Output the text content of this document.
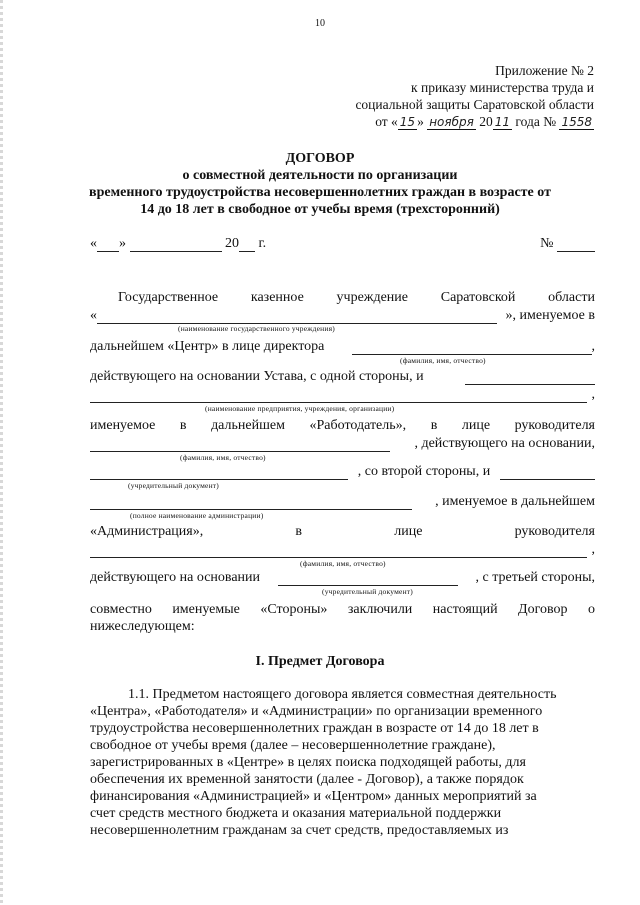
10
Приложение № 2
к приказу министерства труда и
социальной защиты Саратовской области
от « 15 » ноября 20 11 года № 1558
ДОГОВОР
о совместной деятельности по организации
временного трудоустройства несовершеннолетних граждан в возрасте от
14 до 18 лет в свободное от учебы время (трехсторонний)
« »	20 г.	№
Государственное казенное учреждение Саратовской области
«	», именуемое в
(наименование государственного учреждения)
дальнейшем «Центр» в лице директора	,
(фамилия, имя, отчество)
действующего на основании Устава, с одной стороны, и
,
(наименование предприятия, учреждения, организации)
именуемое в дальнейшем «Работодатель», в лице руководителя
, действующего на основании,
(фамилия, имя, отчество)
, со второй стороны, и
(учредительный документ)
, именуемое в дальнейшем
(полное наименование администрации)
«Администрация»,	в	лице	руководителя
,
(фамилия, имя, отчество)
действующего на основании	, с третьей стороны,
(учредительный документ)
совместно именуемые «Стороны» заключили настоящий Договор о
нижеследующем:
I. Предмет Договора
1.1. Предметом настоящего договора является совместная деятельность
«Центра», «Работодателя» и «Администрации» по организации временного
трудоустройства несовершеннолетних граждан в возрасте от 14 до 18 лет в
свободное от учебы время (далее – несовершеннолетние граждане),
зарегистрированных в «Центре» в целях поиска подходящей работы, для
обеспечения их временной занятости (далее - Договор), а также порядок
финансирования «Администрацией» и «Центром» данных мероприятий за
счет средств местного бюджета и оказания материальной поддержки
несовершеннолетним гражданам за счет средств, предоставляемых из
